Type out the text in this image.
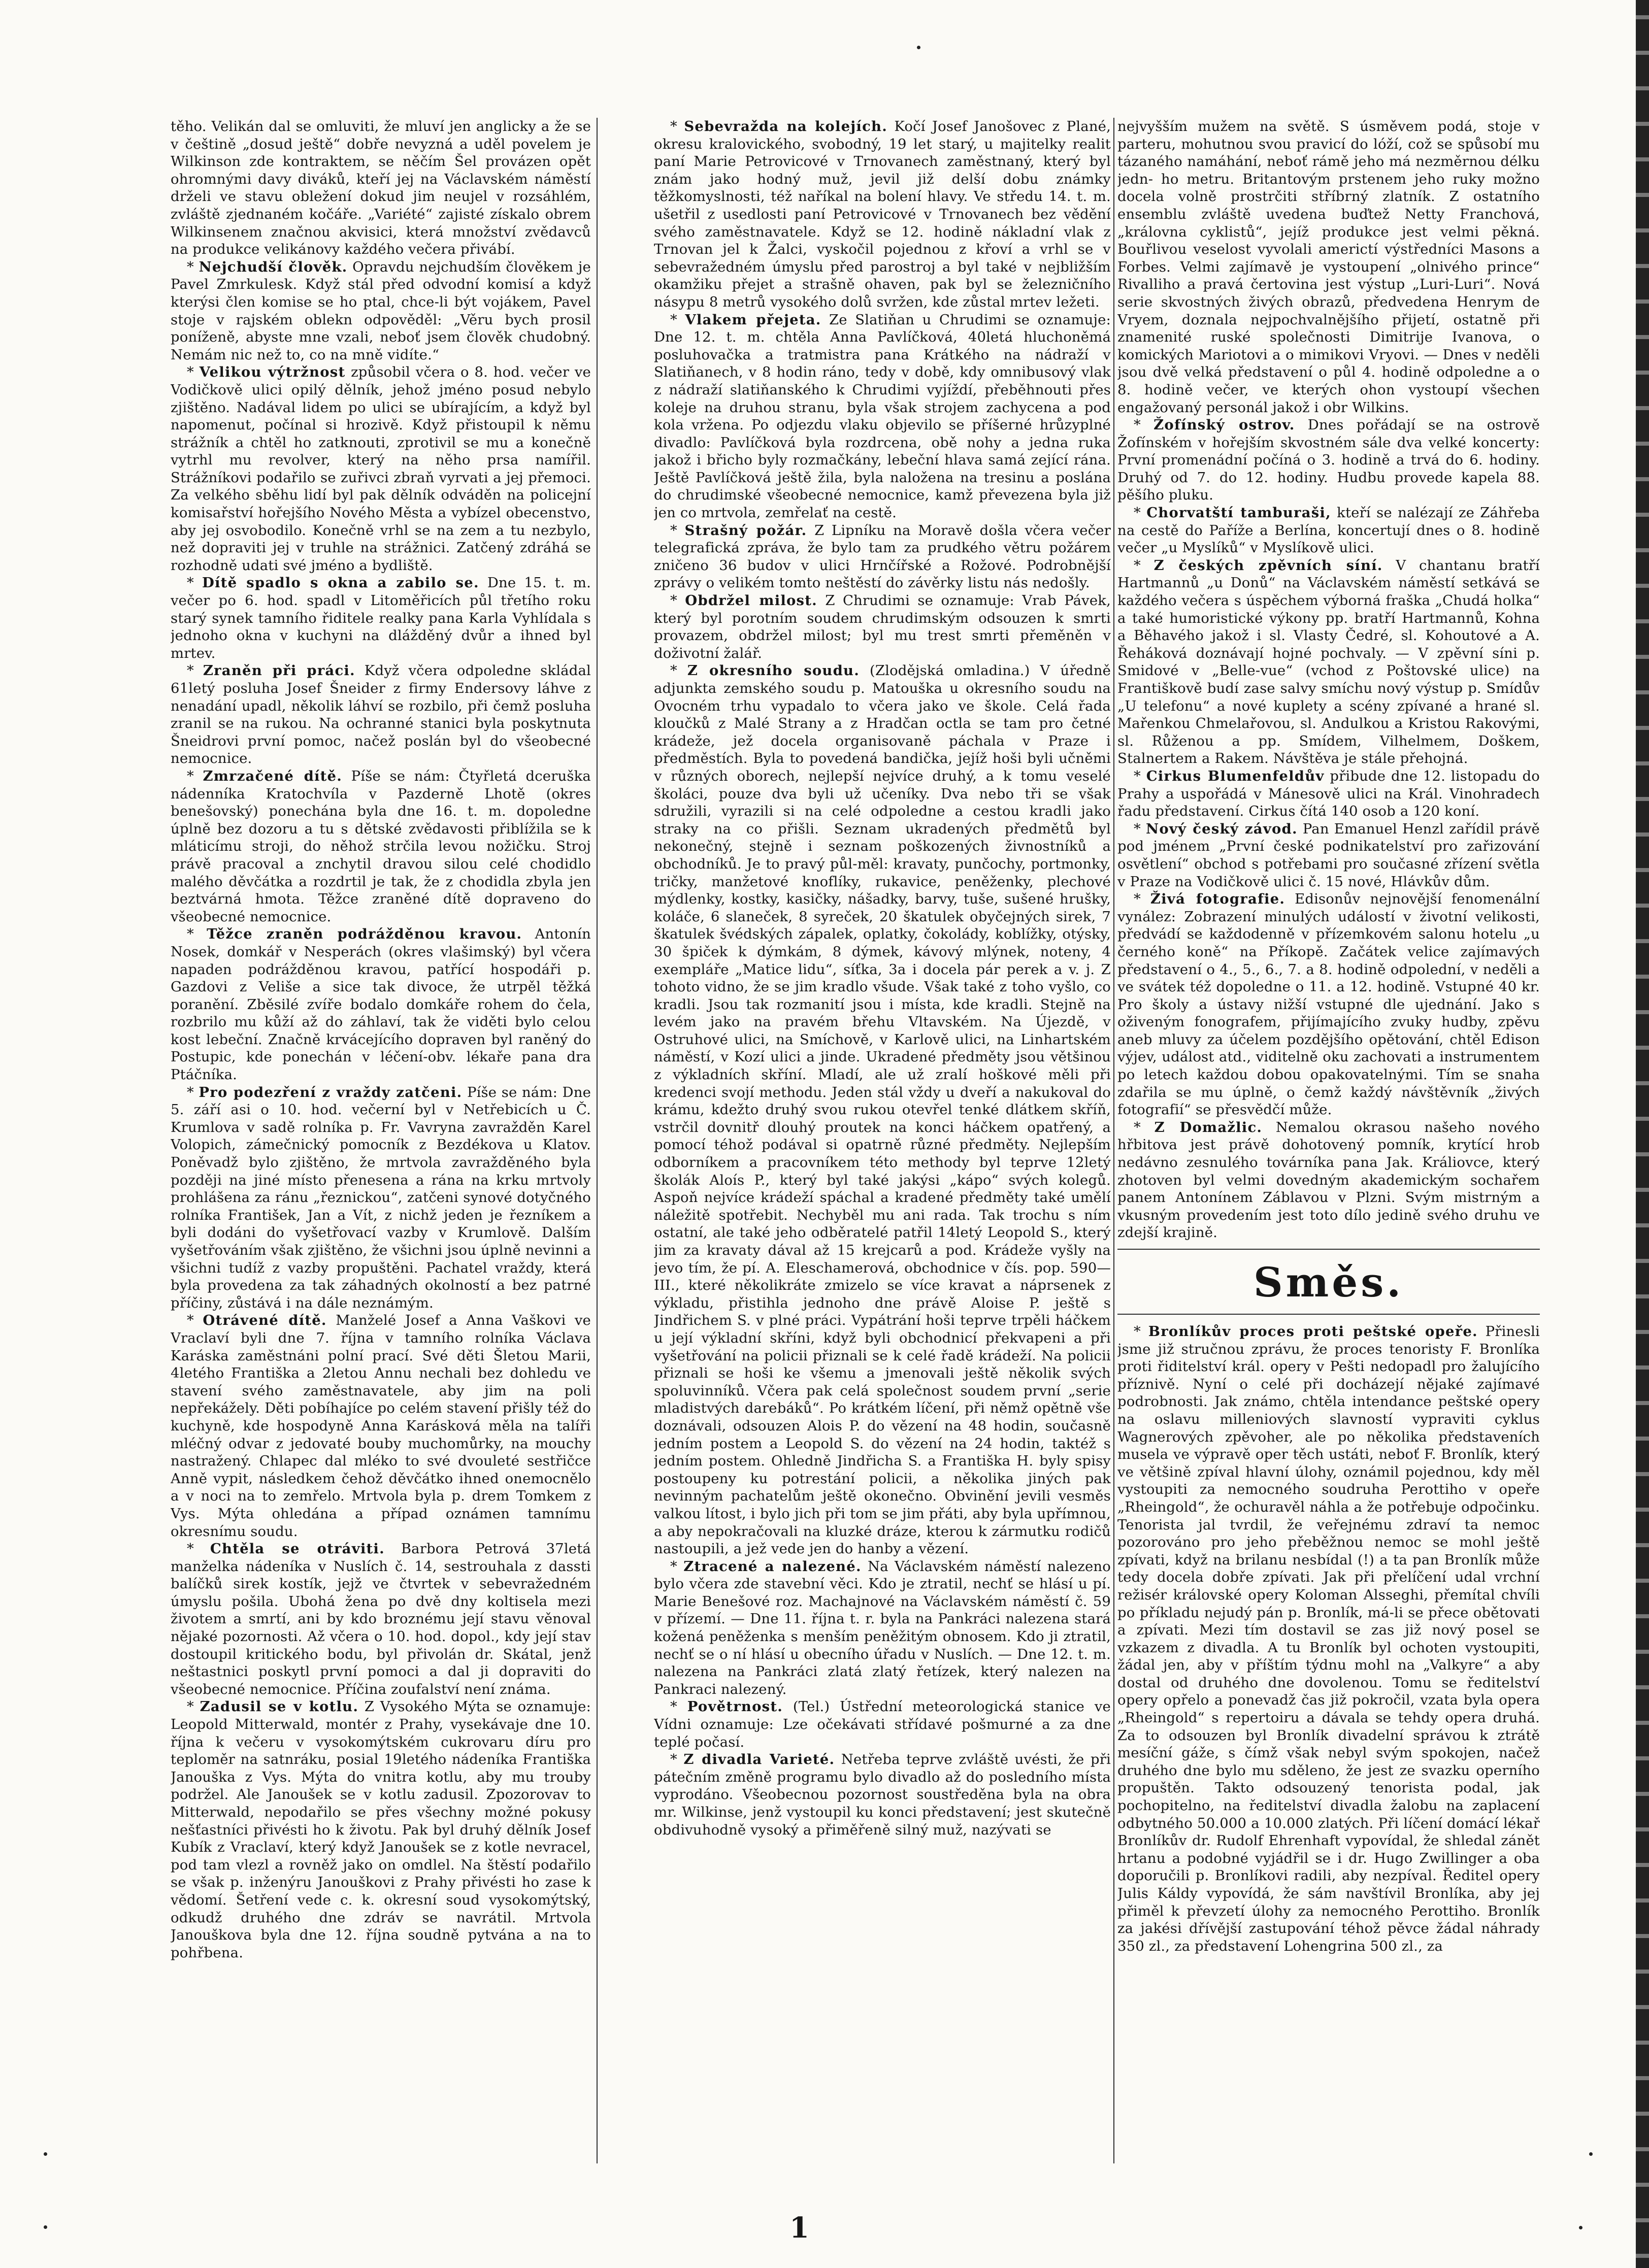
těho. Velikán dal se omluviti, že mluví jen anglicky a že se v češtině „dosud ještě“ dobře nevyzná a uděl povelem je Wilkinson zde kontraktem, se něčím Šel provázen opět ohromnými davy diváků, kteří jej na Václavském náměstí drželi ve stavu obležení dokud jim neujel v rozsáhlém, zvláště zjednaném kočáře. „Variété“ zajisté získalo obrem Wilkinsenem značnou akvisici, která množství zvědavců na produkce velikánovy každého večera přivábí.

* Nejchudší člověk. Opravdu nejchudším člověkem je Pavel Zmrkulesk. Když stál před odvodní komisí a když kterýsi člen komise se ho ptal, chce-li být vojákem, Pavel stoje v rajském oblekn odpověděl: „Věru bych prosil poníženě, abyste mne vzali, neboť jsem člověk chudobný. Nemám nic než to, co na mně vidíte.“

* Velikou výtržnost způsobil včera o 8. hod. večer ve Vodičkově ulici opilý dělník, jehož jméno posud nebylo zjištěno. Nadával lidem po ulici se ubírajícím, a když byl napomenut, počínal si hrozivě. Když přistoupil k němu strážník a chtěl ho zatknouti, zprotivil se mu a konečně vytrhl mu revolver, který na něho prsa namířil. Strážníkovi podařilo se zuřivci zbraň vyrvati a jej přemoci. Za velkého sběhu lidí byl pak dělník odváděn na policejní komisařství hořejšího Nového Města a vybízel obecenstvo, aby jej osvobodilo. Konečně vrhl se na zem a tu nezbylo, než dopraviti jej v truhle na strážnici. Zatčený zdráhá se rozhodně udati své jméno a bydliště.

* Dítě spadlo s okna a zabilo se. Dne 15. t. m. večer po 6. hod. spadl v Litoměřicích půl třetího roku starý synek tamního řiditele realky pana Karla Vyhlídala s jednoho okna v kuchyni na dlážděný dvůr a ihned byl mrtev.

* Zraněn při práci. Když včera odpoledne skládal 61letý posluha Josef Šneider z firmy Endersovy láhve z nenadání upadl, několik láhví se rozbilo, při čemž posluha zranil se na rukou. Na ochranné stanici byla poskytnuta Šneidrovi první pomoc, načež poslán byl do všeobecné nemocnice.

* Zmrzačené dítě. Píše se nám: Čtyřletá dceruška nádenníka Kratochvíla v Pazderně Lhotě (okres benešovský) ponechána byla dne 16. t. m. dopoledne úplně bez dozoru a tu s dětské zvědavosti přiblížila se k mláticímu stroji, do něhož strčila levou nožičku. Stroj právě pracoval a znchytil dravou silou celé chodidlo malého děvčátka a rozdrtil je tak, že z chodidla zbyla jen beztvárná hmota. Těžce zraněné dítě dopraveno do všeobecné nemocnice.

* Těžce zraněn podrážděnou kravou. Antonín Nosek, domkář v Nesperách (okres vlašimský) byl včera napaden podrážděnou kravou, patřící hospodáři p. Gazdovi z Veliše a sice tak divoce, že utrpěl těžká poranění. Zběsilé zvíře bodalo domkáře rohem do čela, rozbrilo mu kůží až do záhlaví, tak že viděti bylo celou kost lebeční. Značně krvácejícího dopraven byl raněný do Postupic, kde ponechán v léčení-obv. lékaře pana dra Ptáčníka.

* Pro podezření z vraždy zatčeni. Píše se nám: Dne 5. září asi o 10. hod. večerní byl v Netřebicích u Č. Krumlova v sadě rolníka p. Fr. Vavryna zavražděn Karel Volopich, zámečnický pomocník z Bezdékova u Klatov. Poněvadž bylo zjištěno, že mrtvola zavražděného byla později na jiné místo přenesena a rána na krku mrtvoly prohlášena za ránu „řeznickou“, zatčeni synové dotyčného rolníka František, Jan a Vít, z nichž jeden je řezníkem a byli dodáni do vyšetřovací vazby v Krumlově. Dalším vyšetřováním však zjištěno, že všichni jsou úplně nevinni a všichni tudíž z vazby propuštěni. Pachatel vraždy, která byla provedena za tak záhadných okolností a bez patrné příčiny, zůstává i na dále neznámým.

* Otrávené dítě. Manželé Josef a Anna Vaškovi ve Vraclaví byli dne 7. října v tamního rolníka Václava Karáska zaměstnáni polní prací. Své děti Šletou Marii, 4letého Františka a 2letou Annu nechali bez dohledu ve stavení svého zaměstnavatele, aby jim na poli nepřekážely. Děti pobíhajíce po celém stavení přišly též do kuchyně, kde hospodyně Anna Karásková měla na talíři mléčný odvar z jedovaté bouby muchomůrky, na mouchy nastražený. Chlapec dal mléko to své dvouleté sestřičce Anně vypit, následkem čehož děvčátko ihned onemocnělo a v noci na to zemřelo. Mrtvola byla p. drem Tomkem z Vys. Mýta ohledána a případ oznámen tamnímu okresnímu soudu.

* Chtěla se otráviti. Barbora Petrová 37letá manželka nádeníka v Nuslích č. 14, sestrouhala z dassti balíčků sirek kostík, jejž ve čtvrtek v sebevražedném úmyslu pošila. Ubohá žena po dvě dny koltisela mezi životem a smrtí, ani by kdo broznému její stavu věnoval nějaké pozornosti. Až včera o 10. hod. dopol., kdy její stav dostoupil kritického bodu, byl přivolán dr. Skátal, jenž neštastnici poskytl první pomoci a dal ji dopraviti do všeobecné nemocnice. Příčina zoufalství není známa.

* Zadusil se v kotlu. Z Vysokého Mýta se oznamuje: Leopold Mitterwald, montér z Prahy, vysekávaje dne 10. října k večeru v vysokomýtském cukrovaru díru pro teploměr na satnráku, posial 19letého nádeníka Františka Janouška z Vys. Mýta do vnitra kotlu, aby mu trouby podržel. Ale Janoušek se v kotlu zadusil. Zpozorovav to Mitterwald, nepodařilo se přes všechny možné pokusy nešťastníci přivésti ho k životu. Pak byl druhý dělník Josef Kubík z Vraclaví, který když Janoušek se z kotle nevracel, pod tam vlezl a rovněž jako on omdlel. Na štěstí podařilo se však p. inženýru Janouškovi z Prahy přivésti ho zase k vědomí. Šetření vede c. k. okresní soud vysokomýtský, odkudž druhého dne zdráv se navrátil. Mrtvola Janouškova byla dne 12. října soudně pytvána a na to pohřbena.

* Sebevražda na kolejích. Kočí Josef Janošovec z Plané, okresu kralovického, svobodný, 19 let starý, u majitelky realit paní Marie Petrovicové v Trnovanech zaměstnaný, který byl znám jako hodný muž, jevil již delší dobu známky těžkomyslnosti, též naříkal na bolení hlavy. Ve středu 14. t. m. ušetřil z usedlosti paní Petrovicové v Trnovanech bez vědění svého zaměstnavatele. Když se 12. hodině nákladní vlak z Trnovan jel k Žalci, vyskočil pojednou z křoví a vrhl se v sebevražedném úmyslu před parostroj a byl také v nejbližším okamžiku přejet a strašně ohaven, pak byl se železničního násypu 8 metrů vysokého dolů svržen, kde zůstal mrtev ležeti.

* Vlakem přejeta. Ze Slatiňan u Chrudimi se oznamuje: Dne 12. t. m. chtěla Anna Pavlíčková, 40letá hluchoněmá posluhovačka a tratmistra pana Krátkého na nádraží v Slatiňanech, v 8 hodin ráno, tedy v době, kdy omnibusový vlak z nádraží slatiňanského k Chrudimi vyjíždí, přeběhnouti přes koleje na druhou stranu, byla však strojem zachycena a pod kola vržena. Po odjezdu vlaku objevilo se příšerné hrůzyplné divadlo: Pavlíčková byla rozdrcena, obě nohy a jedna ruka jakož i břicho byly rozmačkány, lebeční hlava samá zející rána. Ještě Pavlíčková ještě žila, byla naložena na tresinu a poslána do chrudimské všeobecné nemocnice, kamž převezena byla již jen co mrtvola, zemřelať na cestě.

* Strašný požár. Z Lipníku na Moravě došla včera večer telegrafická zpráva, že bylo tam za prudkého větru požárem zničeno 36 budov v ulici Hrnčířské a Rožové. Podrobnější zprávy o velikém tomto neštěstí do závěrky listu nás nedošly.

* Obdržel milost. Z Chrudimi se oznamuje: Vrab Pávek, který byl porotním soudem chrudimským odsouzen k smrti provazem, obdržel milost; byl mu trest smrti přeměněn v doživotní žalář.

* Z okresního soudu. (Zlodějská omladina.) V úředně adjunkta zemského soudu p. Matouška u okresního soudu na Ovocném trhu vypadalo to včera jako ve škole. Celá řada kloučků z Malé Strany a z Hradčan octla se tam pro četné krádeže, jež docela organisovaně páchala v Praze i předměstích. Byla to povedená bandička, jejíž hoši byli učněmi v různých oborech, nejlepší nejvíce druhý, a k tomu veselé školáci, pouze dva byli už učeníky. Dva nebo tři se však sdružili, vyrazili si na celé odpoledne a cestou kradli jako straky na co přišli. Seznam ukradených předmětů byl nekonečný, stejně i seznam poškozených živnostníků a obchodníků. Je to pravý půl-měl: kravaty, punčochy, portmonky, tričky, manžetové knoflíky, rukavice, peněženky, plechové mýdlenky, kostky, kasičky, nášadky, barvy, tuše, sušené hrušky, koláče, 6 slaneček, 8 syreček, 20 škatulek obyčejných sirek, 7 škatulek švédských zápalek, oplatky, čokolády, koblížky, otýsky, 30 špiček k dýmkám, 8 dýmek, kávový mlýnek, noteny, 4 exempláře „Matice lidu“, síťka, 3a i docela pár perek a v. j. Z tohoto vidno, že se jim kradlo všude. Však také z toho vyšlo, co kradli. Jsou tak rozmanití jsou i místa, kde kradli. Stejně na levém jako na pravém břehu Vltavském. Na Újezdě, v Ostruhové ulici, na Smíchově, v Karlově ulici, na Linhartském náměstí, v Kozí ulici a jinde. Ukradené předměty jsou většinou z výkladních skříní. Mladí, ale už zralí hoškové měli při kredenci svojí methodu. Jeden stál vždy u dveří a nakukoval do krámu, kdežto druhý svou rukou otevřel tenké dlátkem skříň, vstrčil dovnitř dlouhý proutek na konci háčkem opatřený, a pomocí téhož podával si opatrně různé předměty. Nejlepším odborníkem a pracovníkem této methody byl teprve 12letý školák Aloís P., který byl také jakýsi „kápo“ svých kolegů. Aspoň nejvíce krádeží spáchal a kradené předměty také umělí náležitě spotřebit. Nechyběl mu ani rada. Tak trochu s ním ostatní, ale také jeho odběratelé patřil 14letý Leopold S., který jim za kravaty dával až 15 krejcarů a pod. Krádeže vyšly na jevo tím, že pí. A. Eleschamerová, obchodnice v čís. pop. 590—III., které několikráte zmizelo se více kravat a náprsenek z výkladu, přistihla jednoho dne právě Aloise P. ještě s Jindřichem S. v plné práci. Vypátrání hoši teprve trpěli háčkem u její výkladní skříni, když byli obchodnicí překvapeni a při vyšetřování na policii přiznali se k celé řadě krádeží. Na policii přiznali se hoši ke všemu a jmenovali ještě několik svých spoluvinníků. Včera pak celá společnost soudem první „serie mladistvých darebáků“. Po krátkém líčení, při němž opětně vše doznávali, odsouzen Alois P. do vězení na 48 hodin, současně jedním postem a Leopold S. do vězení na 24 hodin, taktéž s jedním postem. Ohledně Jindřicha S. a Františka H. byly spisy postoupeny ku potrestání policii, a několika jiných pak nevinným pachatelům ještě okonečno. Obvinění jevili vesměs valkou lítost, i bylo jich při tom se jim přáti, aby byla upřímnou, a aby nepokračovali na kluzké dráze, kterou k zármutku rodičů nastoupili, a jež vede jen do hanby a vězení.

* Ztracené a nalezené. Na Václavském náměstí nalezeno bylo včera zde stavební věci. Kdo je ztratil, nechť se hlásí u pí. Marie Benešové roz. Machajnové na Václavském náměstí č. 59 v přízemí. — Dne 11. října t. r. byla na Pankráci nalezena stará kožená peněženka s menším peněžitým obnosem. Kdo ji ztratil, nechť se o ní hlásí u obecního úřadu v Nuslích. — Dne 12. t. m. nalezena na Pankráci zlatá zlatý řetízek, který nalezen na Pankraci nalezený.

* Povětrnost. (Tel.) Ústřední meteorologická stanice ve Vídni oznamuje: Lze očekávati střídavé pošmurné a za dne teplé počasí.

* Z divadla Varieté. Netřeba teprve zvláště uvésti, že při pátečním změně programu bylo divadlo až do posledního místa vyprodáno. Všeobecnou pozornost soustředěna byla na obra mr. Wilkinse, jenž vystoupil ku konci představení; jest skutečně obdivuhodně vysoký a přiměřeně silný muž, nazývati se

nejvyšším mužem na světě. S úsměvem podá, stoje v parteru, mohutnou svou pravicí do lóží, což se spůsobí mu tázaného namáhání, neboť rámě jeho má nezměrnou délku jedn- ho metru. Britantovým prstenem jeho ruky možno docela volně prostrčiti stříbrný zlatník. Z ostatního ensemblu zvláště uvedena buďtež Netty Franchová, „královna cyklistů“, jejíž produkce jest velmi pěkná. Bouřlivou veselost vyvolali americtí výstředníci Masons a Forbes. Velmi zajímavě je vystoupení „olnivého prince“ Rivalliho a pravá čertovina jest výstup „Luri-Luri“. Nová serie skvostných živých obrazů, předvedena Henrym de Vryem, doznala nejpochvalnějšího přijetí, ostatně při znamenité ruské společnosti Dimitrije Ivanova, o komických Mariotovi a o mimikovi Vryovi. — Dnes v neděli jsou dvě velká představení o půl 4. hodině odpoledne a o 8. hodině večer, ve kterých ohon vystoupí všechen engažovaný personál jakož i obr Wilkins.

* Žofínský ostrov. Dnes pořádají se na ostrově Žofínském v hořejším skvostném sále dva velké koncerty: První promenádní počíná o 3. hodině a trvá do 6. hodiny. Druhý od 7. do 12. hodiny. Hudbu provede kapela 88. pěšího pluku.

* Chorvatští tamburaši, kteří se nalézají ze Záhřeba na cestě do Paříže a Berlína, koncertují dnes o 8. hodině večer „u Myslíků“ v Myslíkově ulici.

* Z českých zpěvních síní. V chantanu bratří Hartmannů „u Donů“ na Václavském náměstí setkává se každého večera s úspěchem výborná fraška „Chudá holka“ a také humoristické výkony pp. bratří Hartmannů, Kohna a Běhavého jakož i sl. Vlasty Čedré, sl. Kohoutové a A. Řeháková doznávají hojné pochvaly. — V zpěvní síni p. Smidové v „Belle-vue“ (vchod z Poštovské ulice) na Františkově budí zase salvy smíchu nový výstup p. Smídův „U telefonu“ a nové kuplety a scény zpívané a hrané sl. Mařenkou Chmelařovou, sl. Andulkou a Kristou Rakovými, sl. Růženou a pp. Smídem, Vilhelmem, Doškem, Stalnertem a Rakem. Návštěva je stále přehojná.

* Cirkus Blumenfeldův přibude dne 12. listopadu do Prahy a uspořádá v Mánesově ulici na Král. Vinohradech řadu představení. Cirkus čítá 140 osob a 120 koní.

* Nový český závod. Pan Emanuel Henzl zařídil právě pod jménem „První české podnikatelství pro zařizování osvětlení“ obchod s potřebami pro současné zřízení světla v Praze na Vodičkově ulici č. 15 nové, Hlávkův dům.

* Živá fotografie. Edisonův nejnovější fenomenální vynález: Zobrazení minulých událostí v životní velikosti, předvádí se každodenně v přízemkovém salonu hotelu „u černého koně“ na Příkopě. Začátek velice zajímavých představení o 4., 5., 6., 7. a 8. hodině odpolední, v neděli a ve svátek též dopoledne o 11. a 12. hodině. Vstupné 40 kr. Pro školy a ústavy nižší vstupné dle ujednání. Jako s oživeným fonografem, přijímajícího zvuky hudby, zpěvu aneb mluvy za účelem pozdějšího opětování, chtěl Edison výjev, událost atd., viditelně oku zachovati a instrumentem po letech každou dobou opakovatelnými. Tím se snaha zdařila se mu úplně, o čemž každý návštěvník „živých fotografií“ se přesvědčí může.

* Z Domažlic. Nemalou okrasou našeho nového hřbitova jest právě dohotovený pomník, krytící hrob nedávno zesnulého továrníka pana Jak. Králiovce, který zhotoven byl velmi dovedným akademickým sochařem panem Antonínem Záblavou v Plzni. Svým mistrným a vkusným provedením jest toto dílo jedině svého druhu ve zdejší krajině.

Směs.

* Bronlíkův proces proti peštské opeře. Přinesli jsme již stručnou zprávu, že proces tenoristy F. Bronlíka proti řiditelství král. opery v Pešti nedopadl pro žalujícího příznivě. Nyní o celé při docházejí nějaké zajímavé podrobnosti. Jak známo, chtěla intendance peštské opery na oslavu milleniových slavností vypraviti cyklus Wagnerových zpěvoher, ale po několika představeních musela ve výpravě oper těch ustáti, neboť F. Bronlík, který ve většině zpíval hlavní úlohy, oznámil pojednou, kdy měl vystoupiti za nemocného soudruha Perottiho v opeře „Rheingold“, že ochuravěl náhla a že potřebuje odpočinku. Tenorista jal tvrdil, že veřejnému zdraví ta nemoc pozorováno pro jeho přeběžnou nemoc se mohl ještě zpívati, když na brilanu nesbídal (!) a ta pan Bronlík může tedy docela dobře zpívati. Jak při přelíčení udal vrchní režisér královské opery Koloman Alsseghi, přemítal chvíli po příkladu nejudý pán p. Bronlík, má-li se přece obětovati a zpívati. Mezi tím dostavil se zas již nový posel se vzkazem z divadla. A tu Bronlík byl ochoten vystoupiti, žádal jen, aby v příštím týdnu mohl na „Valkyre“ a aby dostal od druhého dne dovolenou. Tomu se ředitelství opery opřelo a ponevadž čas již pokročil, vzata byla opera „Rheingold“ s repertoiru a dávala se tehdy opera druhá. Za to odsouzen byl Bronlík divadelní správou k ztrátě mesíční gáže, s čímž však nebyl svým spokojen, načež druhého dne bylo mu sděleno, že jest ze svazku operního propuštěn. Takto odsouzený tenorista podal, jak pochopitelno, na ředitelství divadla žalobu na zaplacení odbytného 50.000 a 10.000 zlatých. Při líčení domácí lékař Bronlíkův dr. Rudolf Ehrenhaft vypovídal, že shledal zánět hrtanu a podobné vyjádřil se i dr. Hugo Zwillinger a oba doporučili p. Bronlíkovi radili, aby nezpíval. Ředitel opery Julis Káldy vypovídá, že sám navštívil Bronlíka, aby jej přiměl k převzetí úlohy za nemocného Perottiho. Bronlík za jakési dřívější zastupování téhož pěvce žádal náhrady 350 zl., za představení Lohengrina 500 zl., za

1
